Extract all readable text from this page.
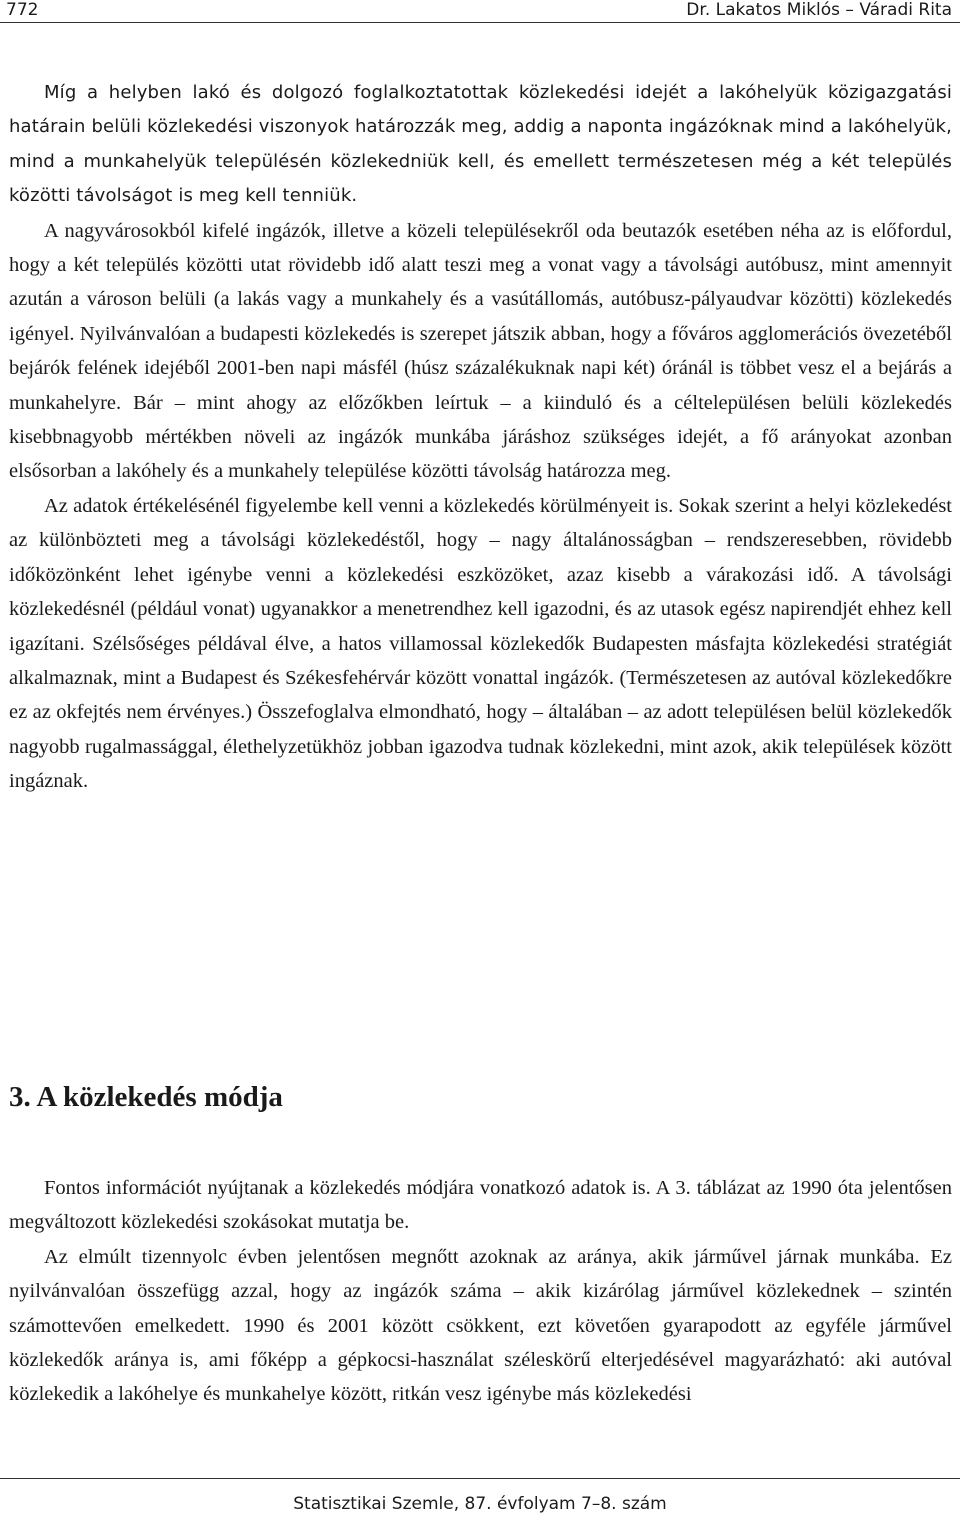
772	Dr. Lakatos Miklós – Váradi Rita

Míg a helyben lakó és dolgozó foglalkoztatottak közlekedési idejét a lakóhelyük közigazgatási határain belüli közlekedési viszonyok határozzák meg, addig a naponta ingázóknak mind a lakóhelyük, mind a munkahelyük településén közlekedniük kell, és emellett természetesen még a két település közötti távolságot is meg kell tenniük.

A nagyvárosokból kifelé ingázók, illetve a közeli településekről oda beutazók esetében néha az is előfordul, hogy a két település közötti utat rövidebb idő alatt teszi meg a vonat vagy a távolsági autóbusz, mint amennyit azután a városon belüli (a lakás vagy a munkahely és a vasútállomás, autóbusz-pályaudvar közötti) közlekedés igényel. Nyilvánvalóan a budapesti közlekedés is szerepet játszik abban, hogy a főváros agglomerációs övezetéből bejárók felének idejéből 2001-ben napi másfél (húsz százalékuknak napi két) óránál is többet vesz el a bejárás a munkahelyre. Bár – mint ahogy az előzőkben leírtuk – a kiinduló és a céltelepülésen belüli közlekedés kisebbnagyobb mértékben növeli az ingázók munkába járáshoz szükséges idejét, a fő arányokat azonban elsősorban a lakóhely és a munkahely települése közötti távolság határozza meg.

Az adatok értékelésénél figyelembe kell venni a közlekedés körülményeit is. Sokak szerint a helyi közlekedést az különbözteti meg a távolsági közlekedéstől, hogy – nagy általánosságban – rendszeresebben, rövidebb időközönként lehet igénybe venni a közlekedési eszközöket, azaz kisebb a várakozási idő. A távolsági közlekedésnél (például vonat) ugyanakkor a menetrendhez kell igazodni, és az utasok egész napirendjét ehhez kell igazítani. Szélsőséges példával élve, a hatos villamossal közlekedők Budapesten másfajta közlekedési stratégiát alkalmaznak, mint a Budapest és Székesfehérvár között vonattal ingázók. (Természetesen az autóval közlekedőkre ez az okfejtés nem érvényes.) Összefoglalva elmondható, hogy – általában – az adott településen belül közlekedők nagyobb rugalmassággal, élethelyzetükhöz jobban igazodva tudnak közlekedni, mint azok, akik települések között ingáznak.

3. A közlekedés módja

Fontos információt nyújtanak a közlekedés módjára vonatkozó adatok is. A 3. táblázat az 1990 óta jelentősen megváltozott közlekedési szokásokat mutatja be.

Az elmúlt tizennyolc évben jelentősen megnőtt azoknak az aránya, akik járművel járnak munkába. Ez nyilvánvalóan összefügg azzal, hogy az ingázók száma – akik kizárólag járművel közlekednek – szintén számottevően emelkedett. 1990 és 2001 között csökkent, ezt követően gyarapodott az egyféle járművel közlekedők aránya is, ami főképp a gépkocsi-használat széleskörű elterjedésével magyarázható: aki autóval közlekedik a lakóhelye és munkahelye között, ritkán vesz igénybe más közlekedési

Statisztikai Szemle, 87. évfolyam 7–8. szám
